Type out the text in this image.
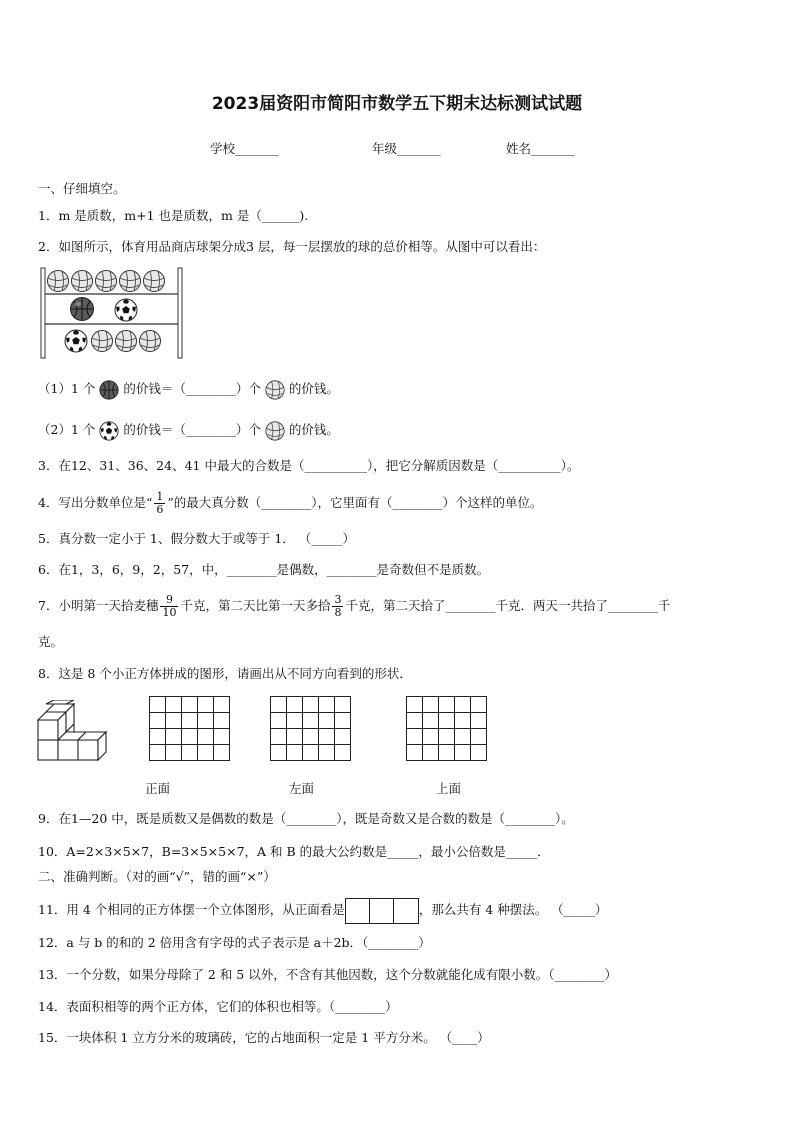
2023届资阳市简阳市数学五下期末达标测试试题
学校_______	年级_______	姓名_______
一、仔细填空。
1．m 是质数，m+1 也是质数，m 是（______).
2．如图所示，体育用品商店球架分成3 层，每一层摆放的球的总价相等。从图中可以看出：
（1）1 个 的价钱＝（________）个 的价钱。
（2）1 个 的价钱＝（________）个 的价钱。
3．在12、31、36、24、41 中最大的合数是（__________），把它分解质因数是（__________）。
4．写出分数单位是“ $\frac{1}{6}$ ”的最大真分数（________），它里面有（________）个这样的单位。
5．真分数一定小于 1、假分数大于或等于 1． （_____）
6．在1，3，6，9，2，57，中，________是偶数，________是奇数但不是质数。
7．小明第一天拾麦穗 $\frac{9}{10}$ 千克，第二天比第一天多拾 $\frac{3}{8}$ 千克，第二天拾了________千克．两天一共拾了________千
克。
8．这是 8 个小正方体拼成的图形，请画出从不同方向看到的形状．

正面	左面	上面
9．在1—20 中，既是质数又是偶数的数是（________），既是奇数又是合数的数是（________）。
10．A=2×3×5×7，B=3×5×5×7，A 和 B 的最大公约数是_____，最小公倍数是_____．
二、准确判断。（对的画“√”，错的画“×”）
11．用 4 个相同的正方体摆一个立体图形，从正面看是	，那么共有 4 种摆法。 （_____）
12．a 与 b 的和的 2 倍用含有字母的式子表示是 a＋2b．（________）
13．一个分数，如果分母除了 2 和 5 以外，不含有其他因数，这个分数就能化成有限小数。（________）
14．表面积相等的两个正方体，它们的体积也相等。（________）
15．一块体积 1 立方分米的玻璃砖，它的占地面积一定是 1 平方分米。 （____）
